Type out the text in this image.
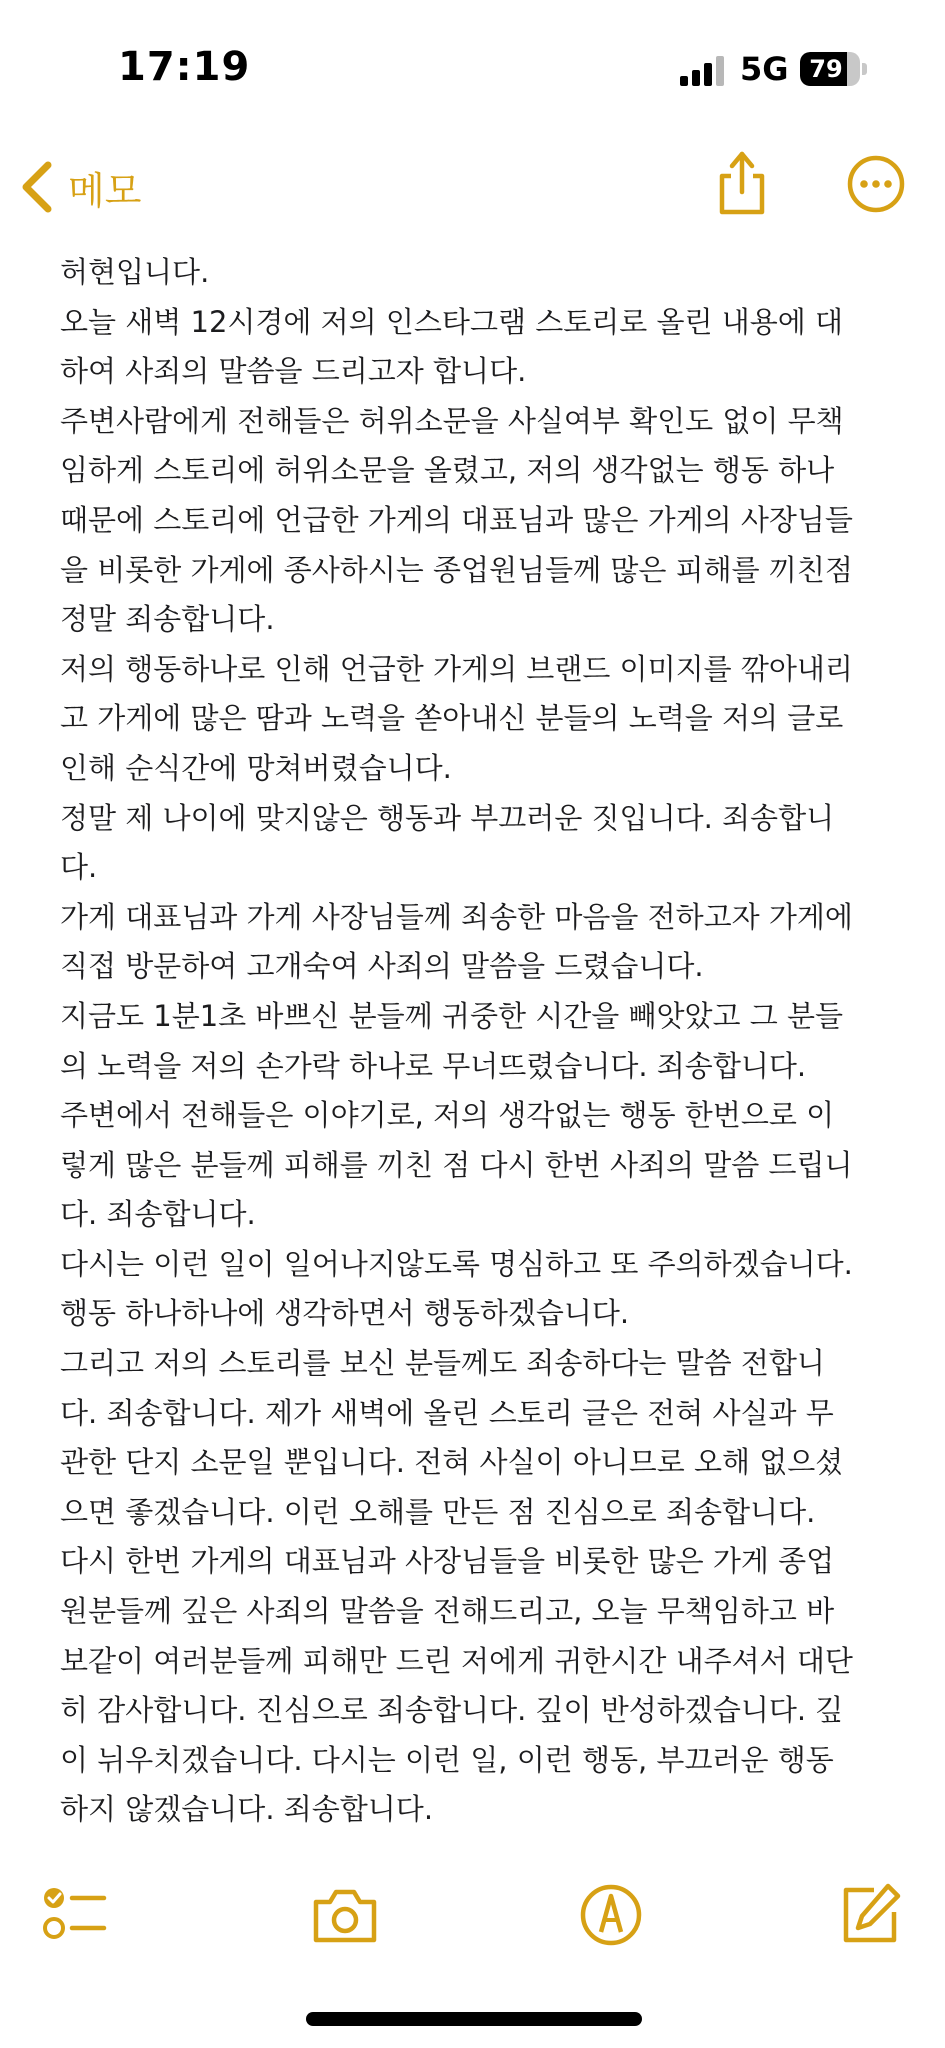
17:19	5G 79
메모
허현입니다.
오늘 새벽 12시경에 저의 인스타그램 스토리로 올린 내용에 대
하여 사죄의 말씀을 드리고자 합니다.
주변사람에게 전해들은 허위소문을 사실여부 확인도 없이 무책
임하게 스토리에 허위소문을 올렸고, 저의 생각없는 행동 하나
때문에 스토리에 언급한 가게의 대표님과 많은 가게의 사장님들
을 비롯한 가게에 종사하시는 종업원님들께 많은 피해를 끼친점
정말 죄송합니다.
저의 행동하나로 인해 언급한 가게의 브랜드 이미지를 깎아내리
고 가게에 많은 땀과 노력을 쏟아내신 분들의 노력을 저의 글로
인해 순식간에 망쳐버렸습니다.
정말 제 나이에 맞지않은 행동과 부끄러운 짓입니다. 죄송합니
다.
가게 대표님과 가게 사장님들께 죄송한 마음을 전하고자 가게에
직접 방문하여 고개숙여 사죄의 말씀을 드렸습니다.
지금도 1분1초 바쁘신 분들께 귀중한 시간을 빼앗았고 그 분들
의 노력을 저의 손가락 하나로 무너뜨렸습니다. 죄송합니다.
주변에서 전해들은 이야기로, 저의 생각없는 행동 한번으로 이
렇게 많은 분들께 피해를 끼친 점 다시 한번 사죄의 말씀 드립니
다. 죄송합니다.
다시는 이런 일이 일어나지않도록 명심하고 또 주의하겠습니다.
행동 하나하나에 생각하면서 행동하겠습니다.
그리고 저의 스토리를 보신 분들께도 죄송하다는 말씀 전합니
다. 죄송합니다. 제가 새벽에 올린 스토리 글은 전혀 사실과 무
관한 단지 소문일 뿐입니다. 전혀 사실이 아니므로 오해 없으셨
으면 좋겠습니다. 이런 오해를 만든 점 진심으로 죄송합니다.
다시 한번 가게의 대표님과 사장님들을 비롯한 많은 가게 종업
원분들께 깊은 사죄의 말씀을 전해드리고, 오늘 무책임하고 바
보같이 여러분들께 피해만 드린 저에게 귀한시간 내주셔서 대단
히 감사합니다. 진심으로 죄송합니다. 깊이 반성하겠습니다. 깊
이 뉘우치겠습니다. 다시는 이런 일, 이런 행동, 부끄러운 행동
하지 않겠습니다. 죄송합니다.
